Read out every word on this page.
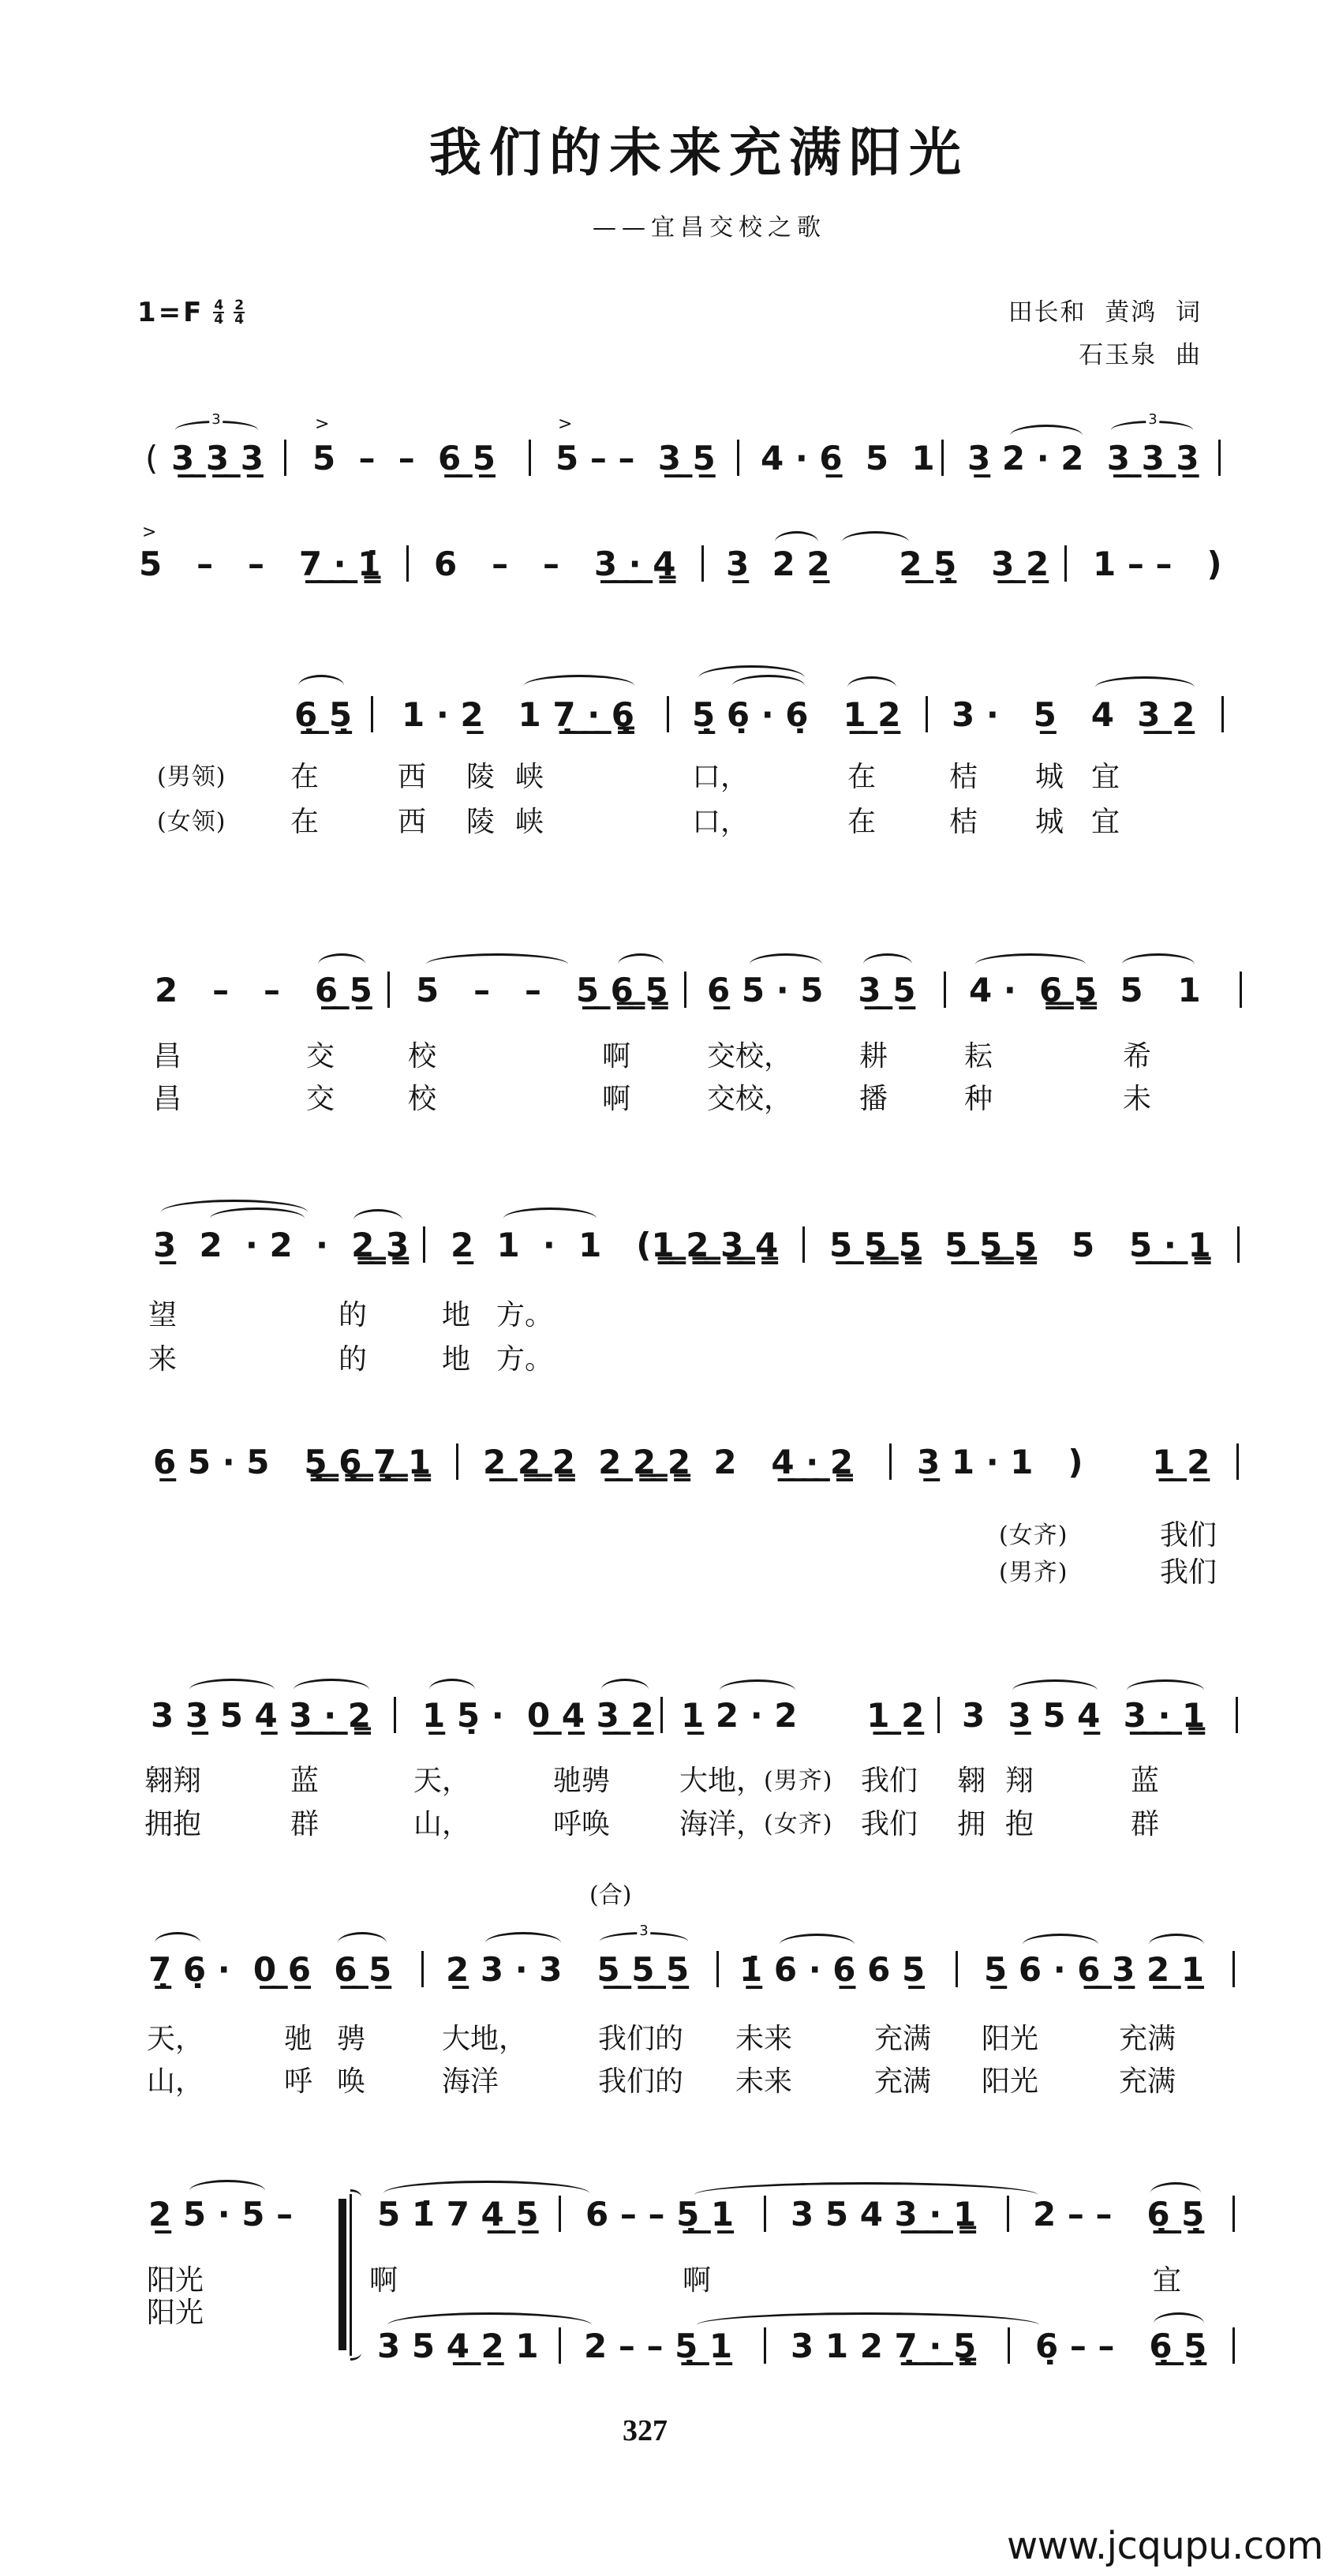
我们的未来充满阳光
——宜昌交校之歌
$1=F \frac{4}{4} \frac{2}{4}$	田长和  黄鸿 词
石玉泉 曲
3	>	>	3
( 3̲ ̲3̲ ̲3̲ 5  –  –  6̲ ̲5̲ 5 – –  3̲ ̲5̲ 4 · 6̲  5  1 3̲ 2 · 2  3̲ ̲3̲ ̲3̲
>
5   –   –   7̲ ̲·̲ ̲1̳̇ 6   –   –   3̲ ̲·̲ ̲4̳ 3̲  2 2̲      2̲ ̲5̲̣   3̲ ̲2̲ 1 – –   )
6̲̣ ̲5̲̣ 1 · 2̲   1 7̲̣ ̲·̲ ̲6̳̣ 5̲̣ 6̣ · 6̣   1̲ ̲2̲ 3 ·   5̲   4  3̲ ̲2̲
(男领) 在	西 陵 峡	口，	在	桔 城 宜
(女领) 在	西 陵 峡	口，	在	桔 城 宜
2   –   –   6̲ ̲5̲ 5   –   –   5̲ ̲6̳ ̳5̳ 6̲ 5 · 5   3̲ ̲5̲ 4 ·  6̳ ̳5̳  5   1
昌	交	校	啊	交校， 耕	耘	希
昌	交	校	啊	交校， 播	种	未
3̲  2  · 2  ·  2̳ ̳3̳ 2̲  1  ·  1   (1̳ ̳2̳ ̳3̳ ̳4̳ 5̲ ̲5̳ ̳5̳  5̲ ̲5̳ ̳5̳   5   5̲ ̲·̲ ̲1̳
望	的	地 方。
来	的	地 方。
6̲ 5 · 5   5̳̣ ̳6̳̣ ̳7̳̣ ̳1̳ 2̲ ̲2̳ ̳2̳  2̲ ̲2̳ ̳2̳  2   4̲ ̲·̲ ̲2̳ 3̲ 1 · 1   )      1̲ ̲2̲
(女齐)	我们
(男齐)	我们
3 3̲ 5 4̲ 3̲ ̲·̲ ̲2̳ 1̲ 5̣ ·  0̲ ̲4̲ 3̲ ̲2̲ 1̲ 2 · 2      1̲ ̲2̲ 3  3̲ 5 4̲  3̲ ̲·̲ ̲1̳
翱翔	蓝	天，	驰骋 大地，
(男齐) 我们 翱 翔	蓝
拥抱	群	山，	呼唤 海洋，
(女齐) 我们 拥 抱	群
(合)
3
7̲̣ 6̣ ·  0̲ ̲6̲  6̲ ̲5̲ 2̲ 3 · 3   5̲ ̲5̲ ̲5̲ 1̲̇ 6 · 6̲ 6 5̲ 5̲ 6 · 6̲ ̲3̲ 2̲ ̲1̲
天，	驰 骋	大地， 我们的 未来	充满 阳光	充满
山，	呼 唤	海洋	我们的 未来	充满 阳光	充满
2̲ 5 · 5 –	5 1̇ 7 4̲ ̲5̲ 6 – – 5̲̣ ̲1̲ 3 5 4 3̲ ̲·̲ ̲1̳ 2 – –   6̲̣ ̲5̲̣
阳光	啊	啊	宜
阳光
3 5 4̲ ̲2̲ 1 2 – – 5̲̣ ̲1̲ 3 1 2 7̲̣ ̲·̲ ̲5̳̣ 6̣ – –   6̲̣ ̲5̲̣
327
www.jcqupu.com
